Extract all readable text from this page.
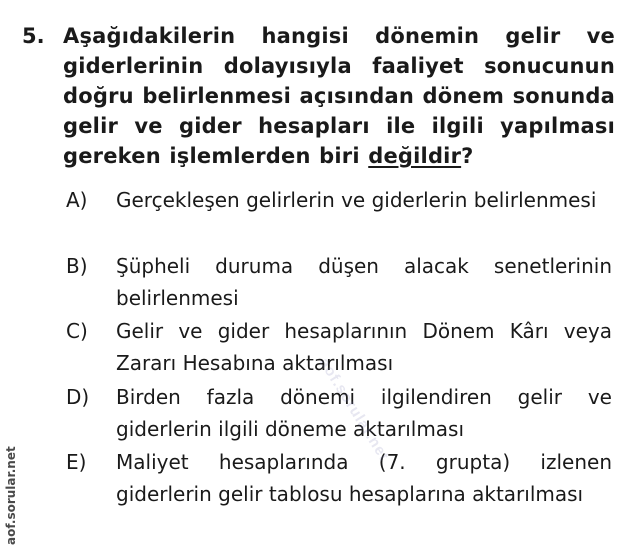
5. Aşağıdakilerin hangisi dönemin gelir ve giderlerinin dolayısıyla faaliyet sonucunun doğru belirlenmesi açısından dönem sonunda gelir ve gider hesapları ile ilgili yapılması gereken işlemlerden biri değildir?
A) Gerçekleşen gelirlerin ve giderlerin belirlenmesi
B) Şüpheli duruma düşen alacak senetlerinin belirlenmesi
C) Gelir ve gider hesaplarının Dönem Kârı veya Zararı Hesabına aktarılması
D) Birden fazla dönemi ilgilendiren gelir ve giderlerin ilgili döneme aktarılması
E) Maliyet hesaplarında (7. grupta) izlenen giderlerin gelir tablosu hesaplarına aktarılması
aof.sorular.net
aof.sorular.net
